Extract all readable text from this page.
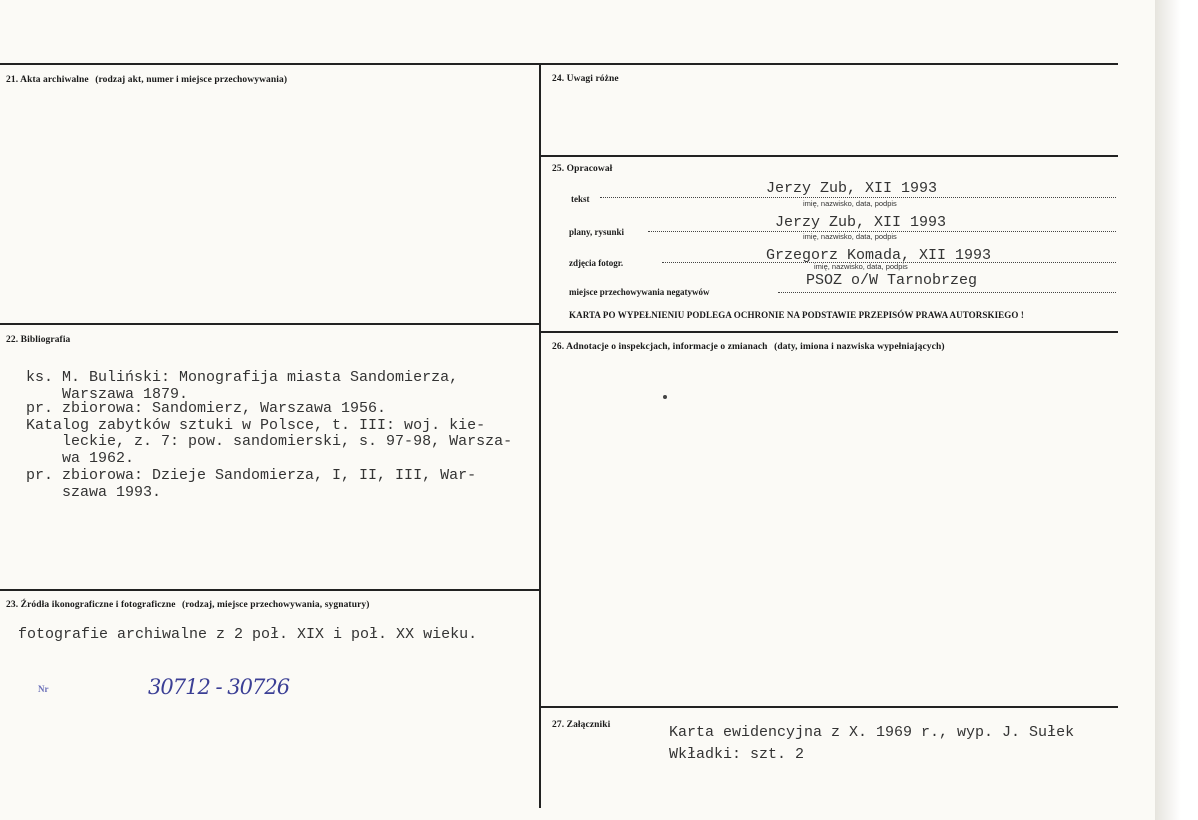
21. Akta archiwalne (rodzaj akt, numer i miejsce przechowywania)	24. Uwagi różne
25. Opracował
tekst
Jerzy Zub, XII 1993
imię, nazwisko, data, podpis
plany, rysunki
Jerzy Zub, XII 1993
imię, nazwisko, data, podpis
zdjęcia fotogr.	Grzegorz Komada, XII 1993
imię, nazwisko, data, podpis
miejsce przechowywania negatywów
PSOZ o/W Tarnobrzeg
KARTA PO WYPEŁNIENIU PODLEGA OCHRONIE NA PODSTAWIE PRZEPISÓW PRAWA AUTORSKIEGO !
26. Adnotacje o inspekcjach, informacje o zmianach (daty, imiona i nazwiska wypełniających)
22. Bibliografia
ks. M. Buliński: Monografija miasta Sandomierza,
Warszawa 1879.
pr. zbiorowa: Sandomierz, Warszawa 1956.
Katalog zabytków sztuki w Polsce, t. III: woj. kie-
leckie, z. 7: pow. sandomierski, s. 97-98, Warsza-
wa 1962.
pr. zbiorowa: Dzieje Sandomierza, I, II, III, War-
szawa 1993.
23. Źródła ikonograficzne i fotograficzne (rodzaj, miejsce przechowywania, sygnatury)
fotografie archiwalne z 2 poł. XIX i poł. XX wieku.
Nr	30712 - 30726
27. Załączniki	Karta ewidencyjna z X. 1969 r., wyp. J. Sułek
Wkładki: szt. 2
